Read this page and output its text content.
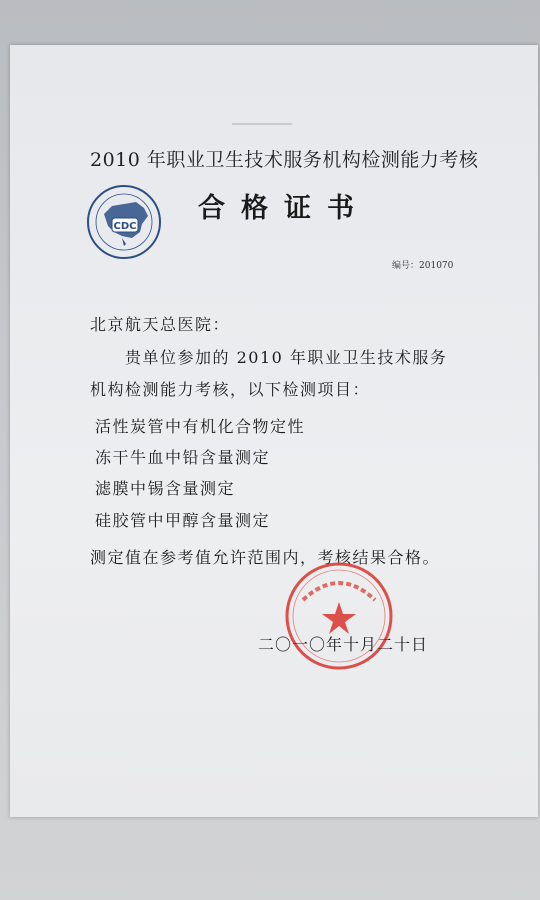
2010 年职业卫生技术服务机构检测能力考核
CDC
合格证书
编号：201070
北京航天总医院：
贵单位参加的 2010 年职业卫生技术服务
机构检测能力考核，以下检测项目：
活性炭管中有机化合物定性
冻干牛血中铅含量测定
滤膜中锡含量测定
硅胶管中甲醇含量测定
测定值在参考值允许范围内，考核结果合格。
二〇一〇年十月二十日
